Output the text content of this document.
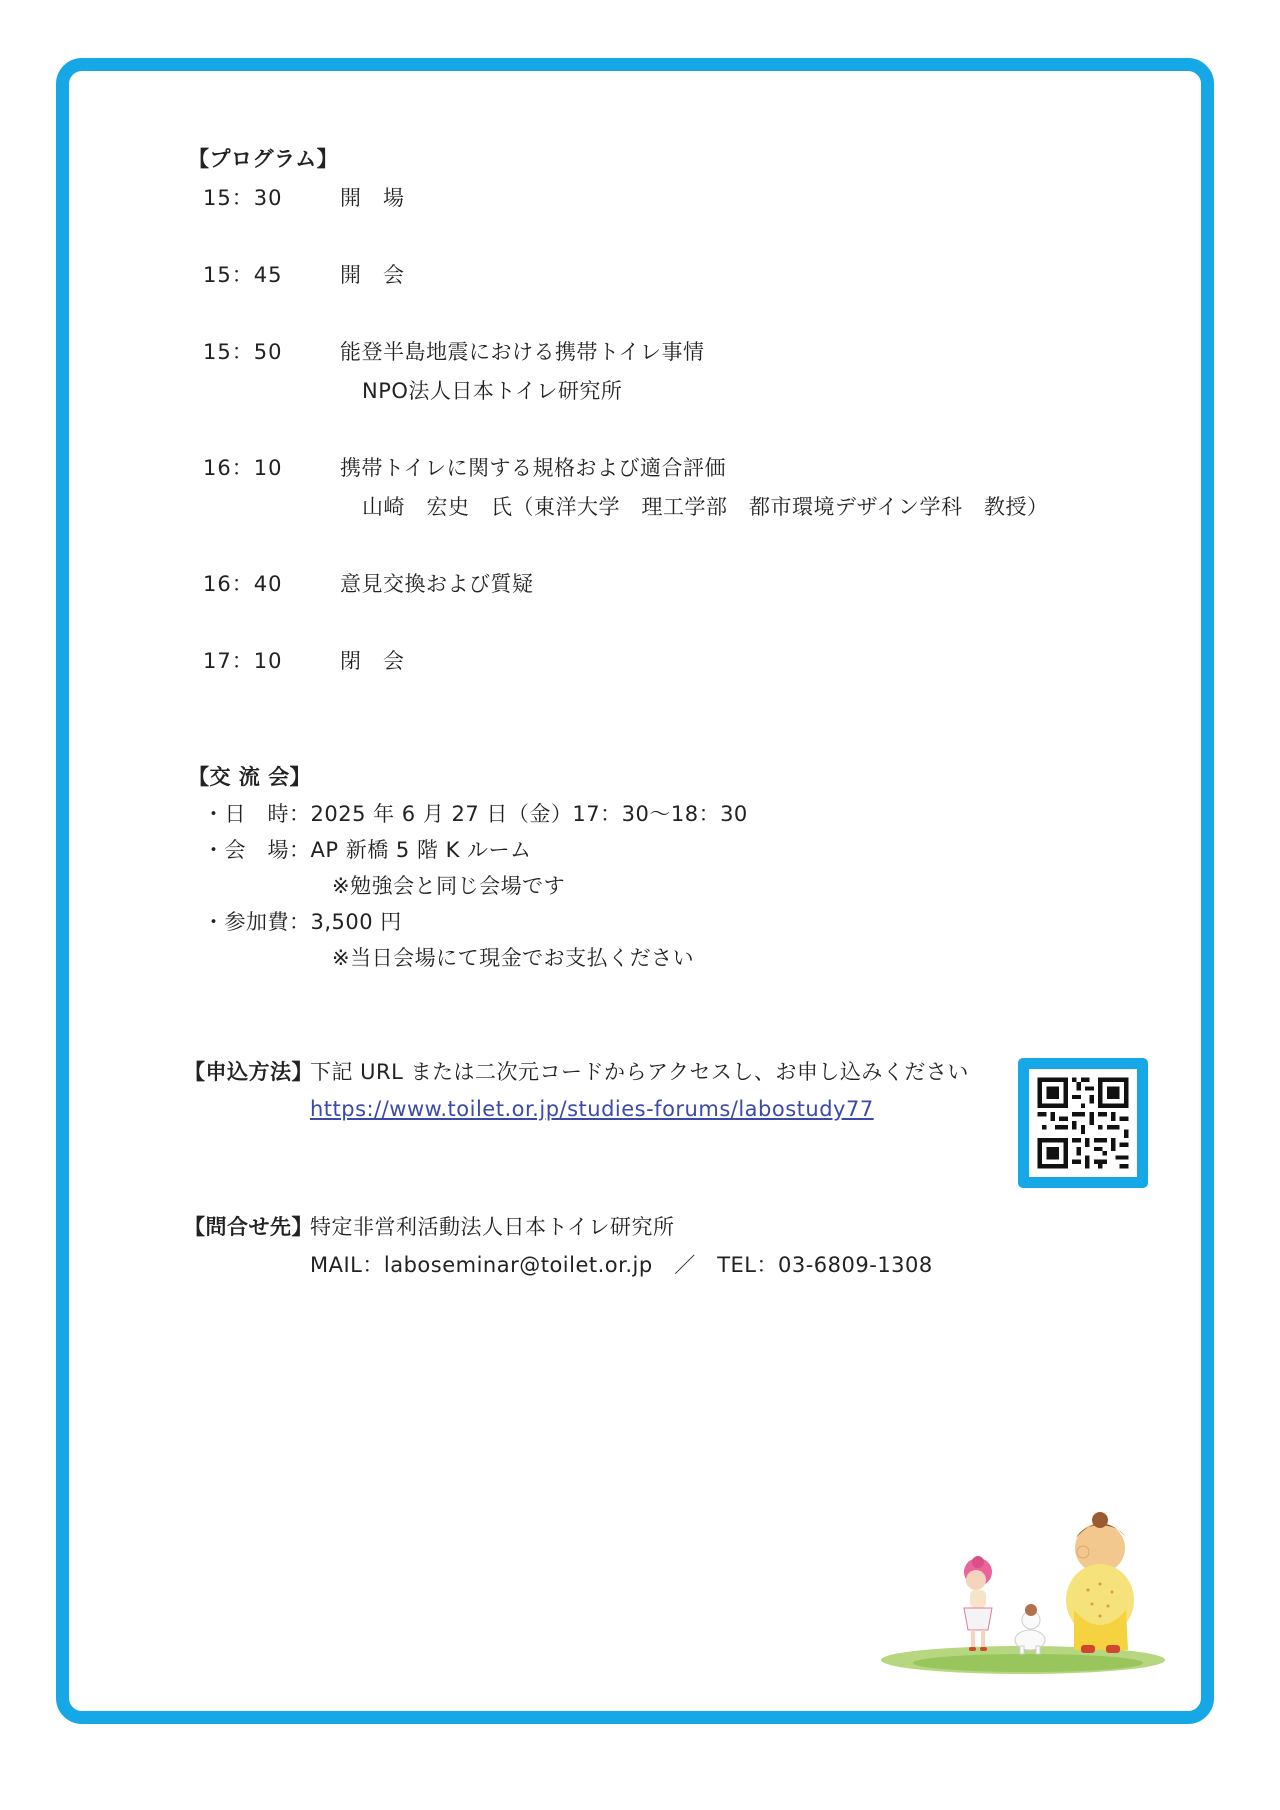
【プログラム】
15：30	開　場
15：45	開　会
15：50	能登半島地震における携帯トイレ事情
NPO法人日本トイレ研究所
16：10	携帯トイレに関する規格および適合評価
山崎　宏史　氏（東洋大学　理工学部　都市環境デザイン学科　教授）
16：40	意見交換および質疑
17：10	閉　会
【交 流 会】
・日　時：2025 年 6 月 27 日（金）17：30〜18：30
・会　場：AP 新橋 5 階 K ルーム
※勉強会と同じ会場です
・参加費：3,500 円
※当日会場にて現金でお支払ください
【申込方法】
下記 URL または二次元コードからアクセスし、お申し込みください
https://www.toilet.or.jp/studies-forums/labostudy77
【問合せ先】
特定非営利活動法人日本トイレ研究所
MAIL：laboseminar@toilet.or.jp　／　TEL：03-6809-1308
